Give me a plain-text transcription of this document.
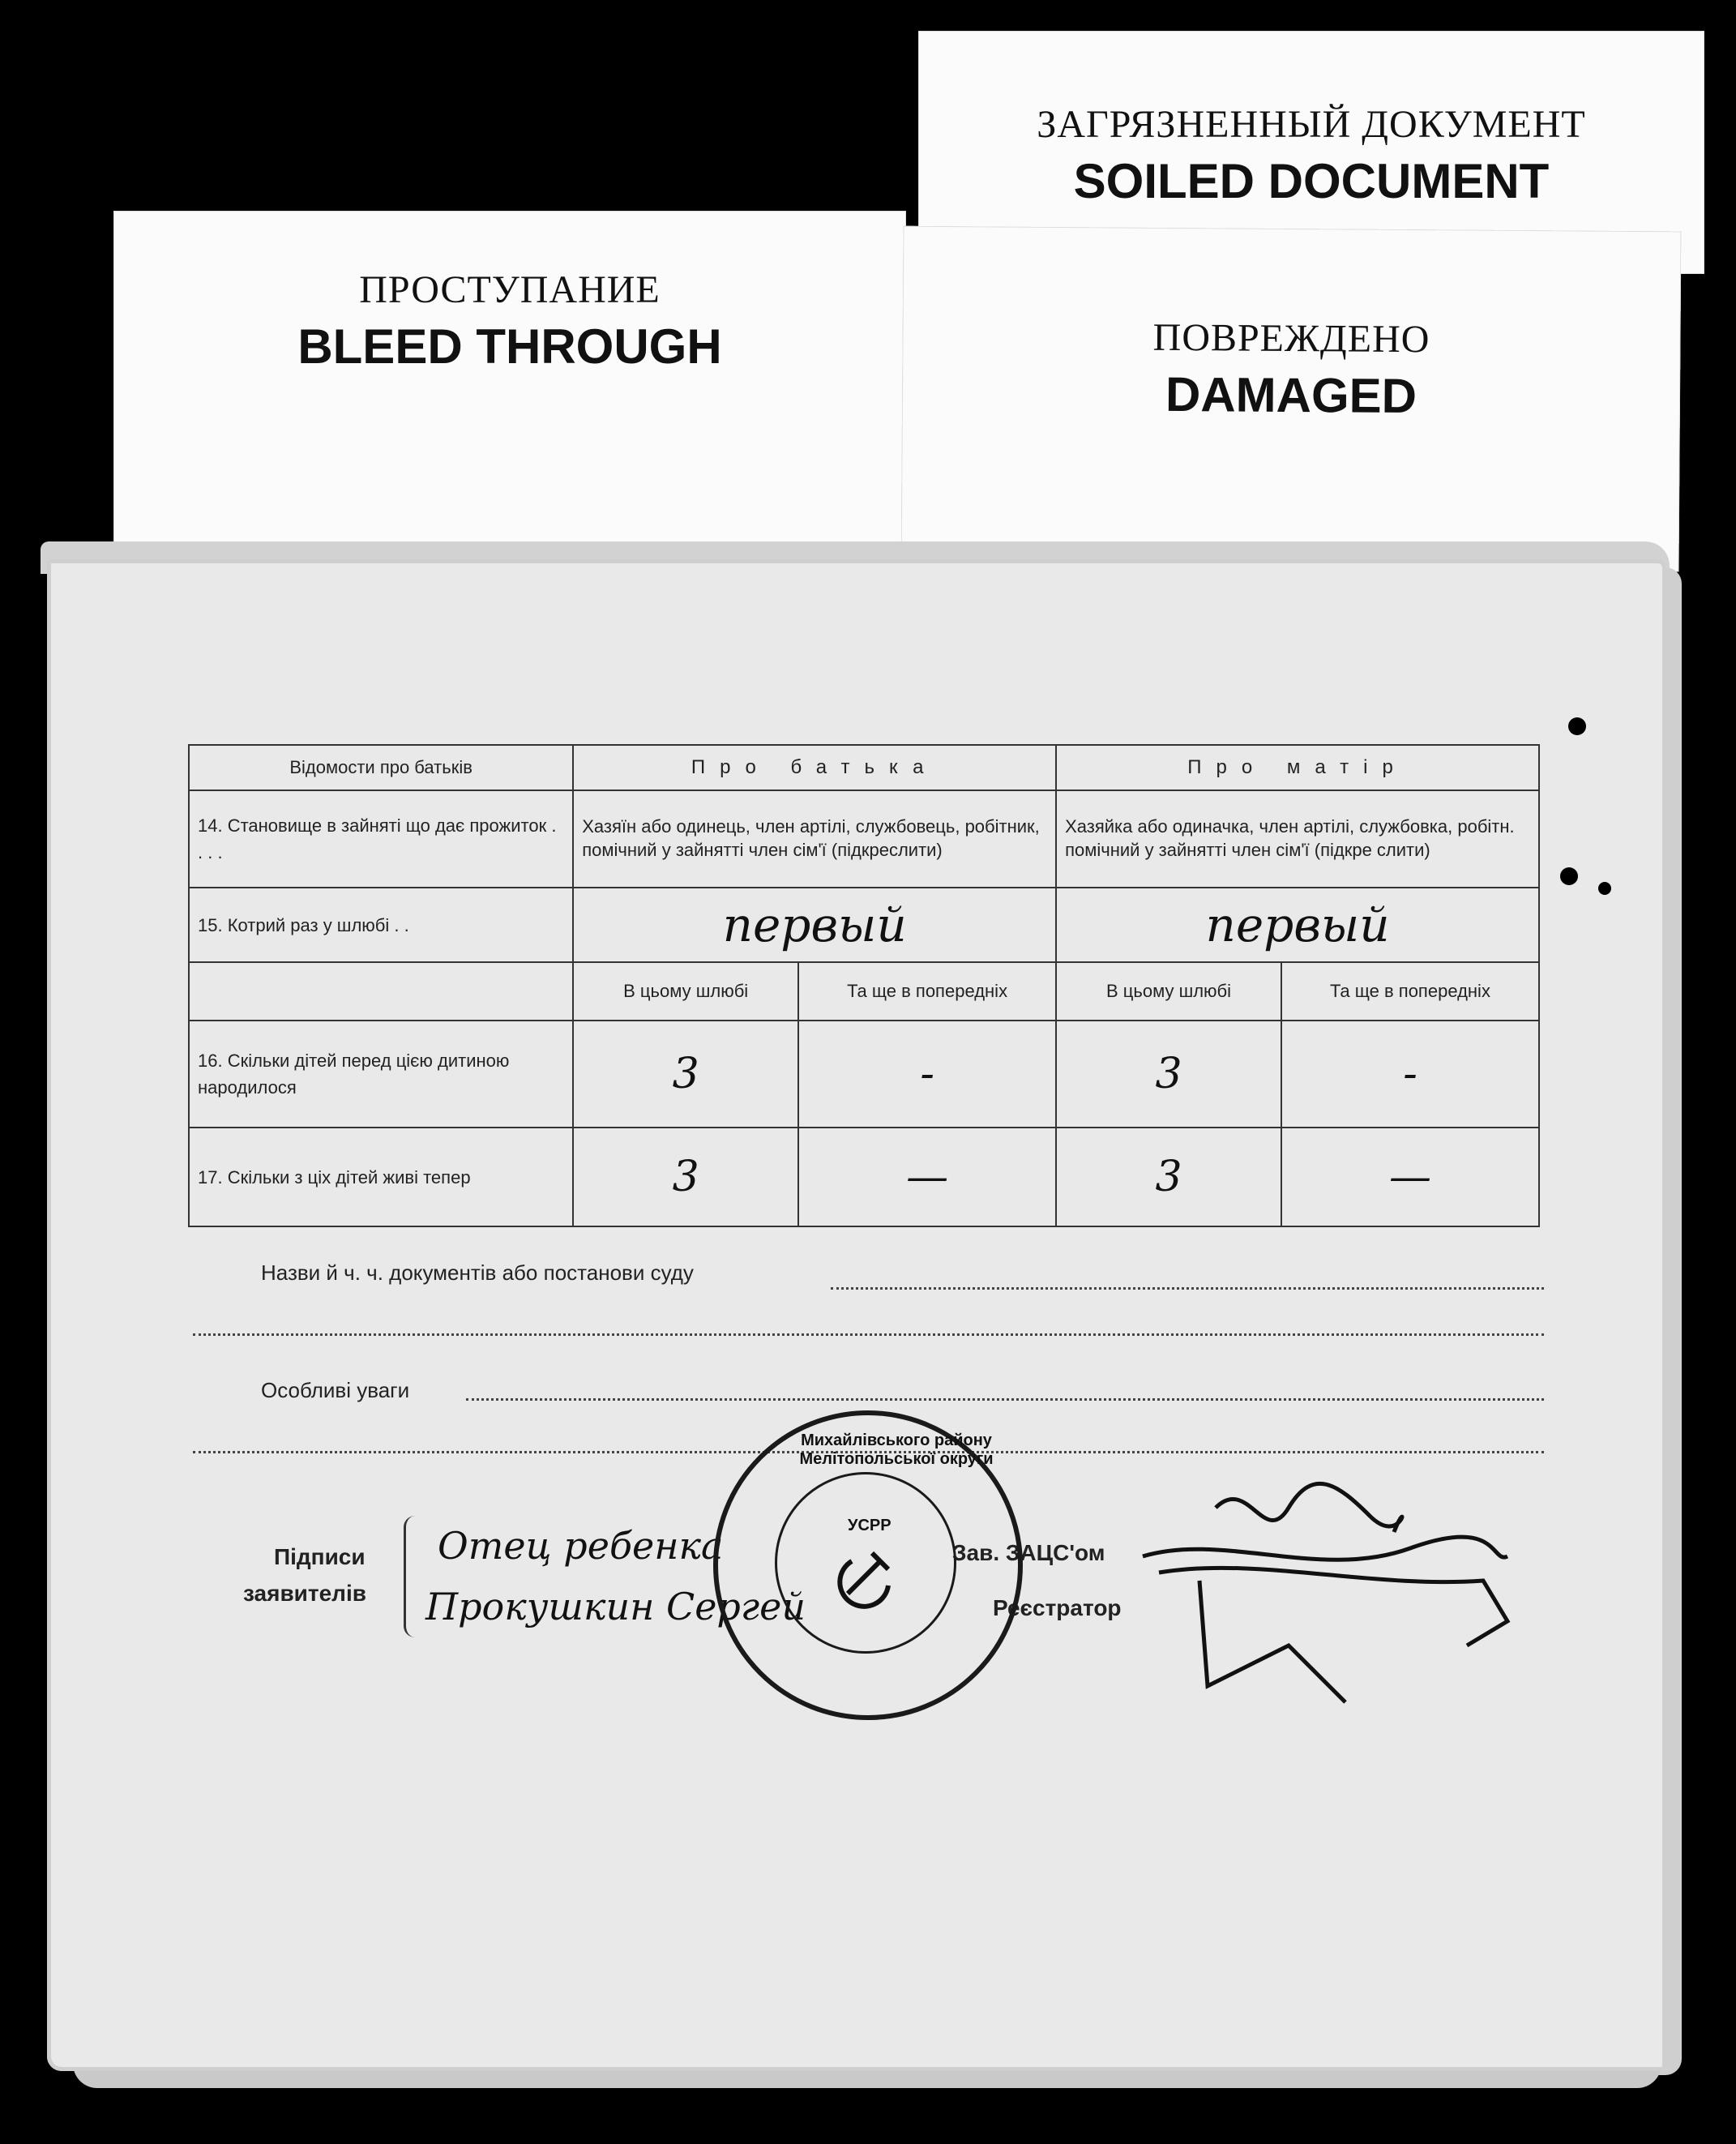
ПРОСТУПАНИЕ
BLEED THROUGH
ЗАГРЯЗНЕННЫЙ ДОКУМЕНТ
SOILED DOCUMENT
ПОВРЕЖДЕНО
DAMAGED
Відомости про батьків	Про батька		Про матір	
14. Становище в зайняті що дає прожиток . . . .	Хазяїн або одинець, член артілі, службовець, робітник, помічний у зайнятті член сім'ї (підкреслити)		Хазяйка або одиначка, член артілі, службовка, робітн. помічний у зайнятті член сім'ї (підкре слити)	
15. Котрий раз у шлюбі . .	первый		первый	
	В цьому шлюбі	Та ще в попередніх	В цьому шлюбі	Та ще в попередніх
16. Скільки дітей перед цією дитиною народилося	3	-	3	-
17. Скільки з ціх дітей живі тепер	3	—	3	—
Назви й ч. ч. документів або постанови суду
Особливі уваги
Підписи
заявителів
Отец ребенка
Прокушкин Сергей
Зав. ЗАЦС'ом
Реєстратор
Михайлівського району Мелітопольської округи
УСРР
